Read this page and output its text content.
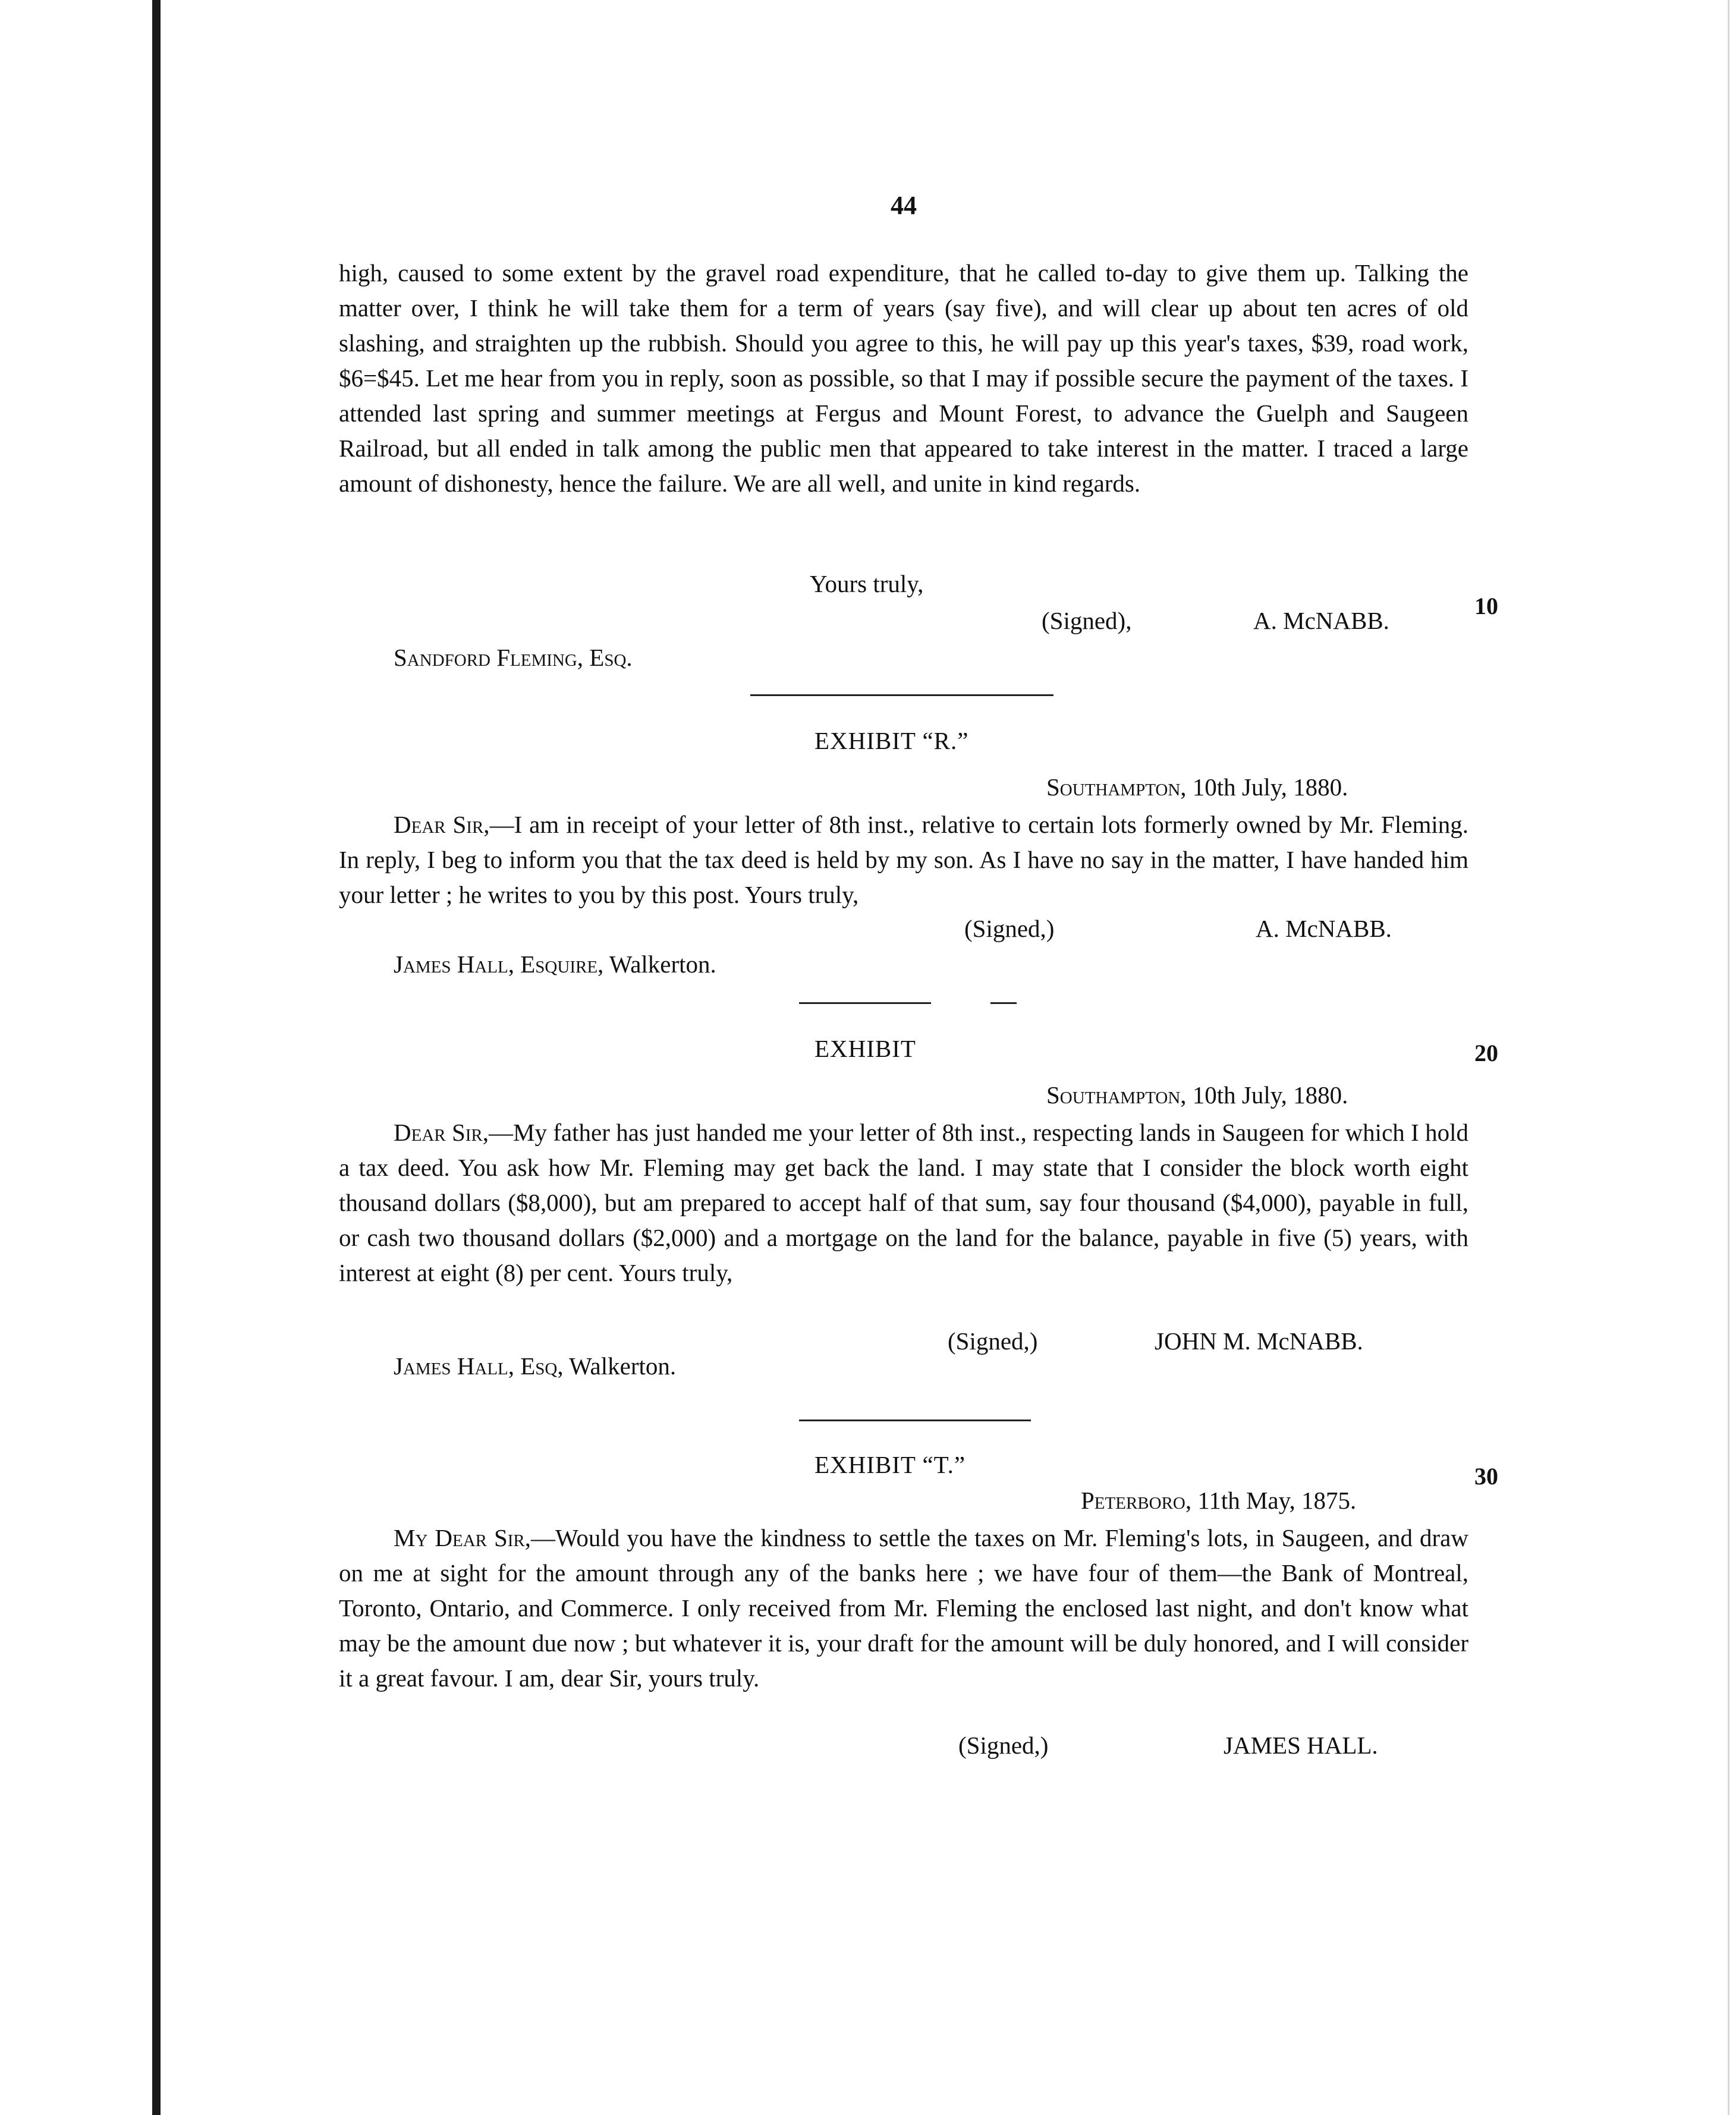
44

high, caused to some extent by the gravel road expenditure, that he called to-day to give them up. Talking the matter over, I think he will take them for a term of years (say five), and will clear up about ten acres of old slashing, and straighten up the rubbish. Should you agree to this, he will pay up this year's taxes, $39, road work, $6=$45. Let me hear from you in reply, soon as possible, so that I may if possible secure the payment of the taxes. I attended last spring and summer meetings at Fergus and Mount Forest, to advance the Guelph and Saugeen Railroad, but all ended in talk among the public men that appeared to take interest in the matter. I traced a large amount of dishonesty, hence the failure. We are all well, and unite in kind regards.

Yours truly,
(Signed),	A. McNABB.
10
Sandford Fleming, Esq.
EXHIBIT “R.”
Southampton, 10th July, 1880.

Dear Sir,—I am in receipt of your letter of 8th inst., relative to certain lots formerly owned by Mr. Fleming. In reply, I beg to inform you that the tax deed is held by my son. As I have no say in the matter, I have handed him your letter ; he writes to you by this post. Yours truly,

(Signed,)	A. McNABB.
James Hall, Esquire, Walkerton.
EXHIBIT	20
Southampton, 10th July, 1880.

Dear Sir,—My father has just handed me your letter of 8th inst., respecting lands in Saugeen for which I hold a tax deed. You ask how Mr. Fleming may get back the land. I may state that I consider the block worth eight thousand dollars ($8,000), but am prepared to accept half of that sum, say four thousand ($4,000), payable in full, or cash two thousand dollars ($2,000) and a mortgage on the land for the balance, payable in five (5) years, with interest at eight (8) per cent. Yours truly,

(Signed,)	JOHN M. McNABB.
James Hall, Esq, Walkerton.
EXHIBIT “T.”	30
Peterboro, 11th May, 1875.

My Dear Sir,—Would you have the kindness to settle the taxes on Mr. Fleming's lots, in Saugeen, and draw on me at sight for the amount through any of the banks here ; we have four of them—the Bank of Montreal, Toronto, Ontario, and Commerce. I only received from Mr. Fleming the enclosed last night, and don't know what may be the amount due now ; but whatever it is, your draft for the amount will be duly honored, and I will consider it a great favour. I am, dear Sir, yours truly.

(Signed,)	JAMES HALL.
